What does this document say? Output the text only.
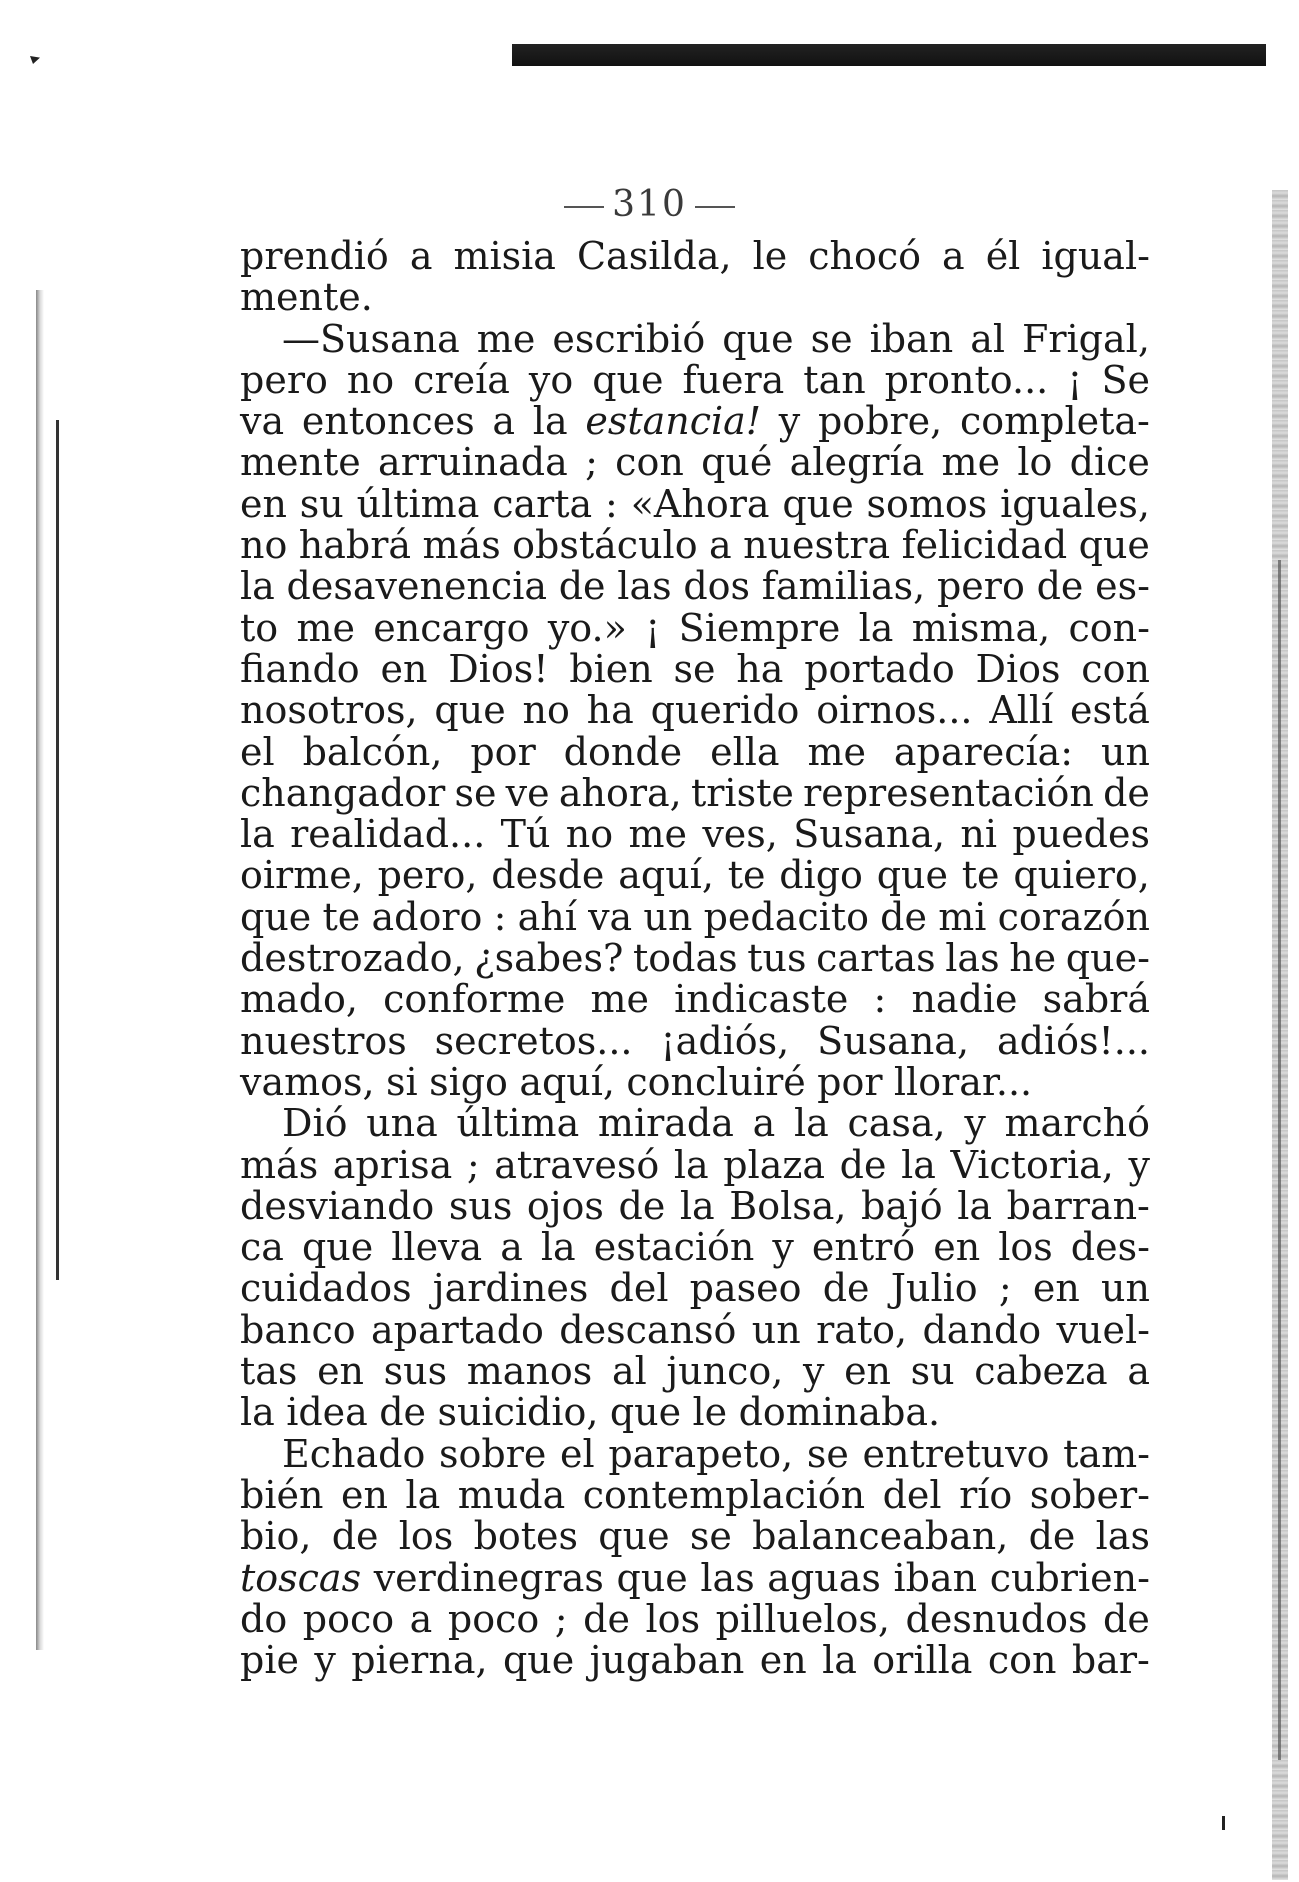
310
prendió a misia Casilda, le chocó a él igual-
mente.
—Susana me escribió que se iban al Frigal,
pero no creía yo que fuera tan pronto... ¡ Se
va entonces a la estancia! y pobre, completa-
mente arruinada ; con qué alegría me lo dice
en su última carta : «Ahora que somos iguales,
no habrá más obstáculo a nuestra felicidad que
la desavenencia de las dos familias, pero de es-
to me encargo yo.» ¡ Siempre la misma, con-
fiando en Dios! bien se ha portado Dios con
nosotros, que no ha querido oirnos... Allí está
el balcón, por donde ella me aparecía: un
changador se ve ahora, triste representación de
la realidad... Tú no me ves, Susana, ni puedes
oirme, pero, desde aquí, te digo que te quiero,
que te adoro : ahí va un pedacito de mi corazón
destrozado, ¿sabes? todas tus cartas las he que-
mado, conforme me indicaste : nadie sabrá
nuestros secretos... ¡adiós, Susana, adiós!...
vamos, si sigo aquí, concluiré por llorar...
Dió una última mirada a la casa, y marchó
más aprisa ; atravesó la plaza de la Victoria, y
desviando sus ojos de la Bolsa, bajó la barran-
ca que lleva a la estación y entró en los des-
cuidados jardines del paseo de Julio ; en un
banco apartado descansó un rato, dando vuel-
tas en sus manos al junco, y en su cabeza a
la idea de suicidio, que le dominaba.
Echado sobre el parapeto, se entretuvo tam-
bién en la muda contemplación del río sober-
bio, de los botes que se balanceaban, de las
toscas verdinegras que las aguas iban cubrien-
do poco a poco ; de los pilluelos, desnudos de
pie y pierna, que jugaban en la orilla con bar-
